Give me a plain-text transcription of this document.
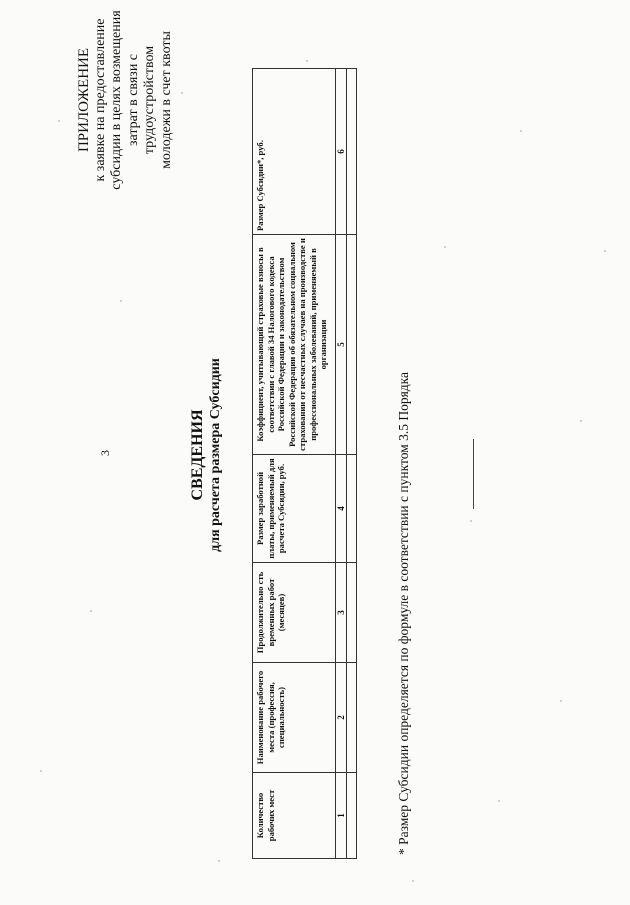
3
ПРИЛОЖЕНИЕ к заявке на предоставление субсидии в целях возмещения затрат в связи с трудоустройством молодежи в счет квоты
СВЕДЕНИЯ для расчета размера Субсидии
Количество рабочих мест	Наименование рабочего места (профессия, специальность)	Продолжительно сть временных работ (месяцев)	Размер заработной платы, применяемый для расчета Субсидии, руб.	Коэффициент, учитывающий страховые взносы в соответствии с главой 34 Налогового кодекса Российской Федерации и законодательством Российской Федерации об обязательном социальном страховании от несчастных случаев на производстве и профессиональных заболеваний, применяемый в организации	Размер Субсидии*, руб.
1	2	3	4	5	6

* Размер Субсидии определяется по формуле в соответствии с пунктом 3.5 Порядка
